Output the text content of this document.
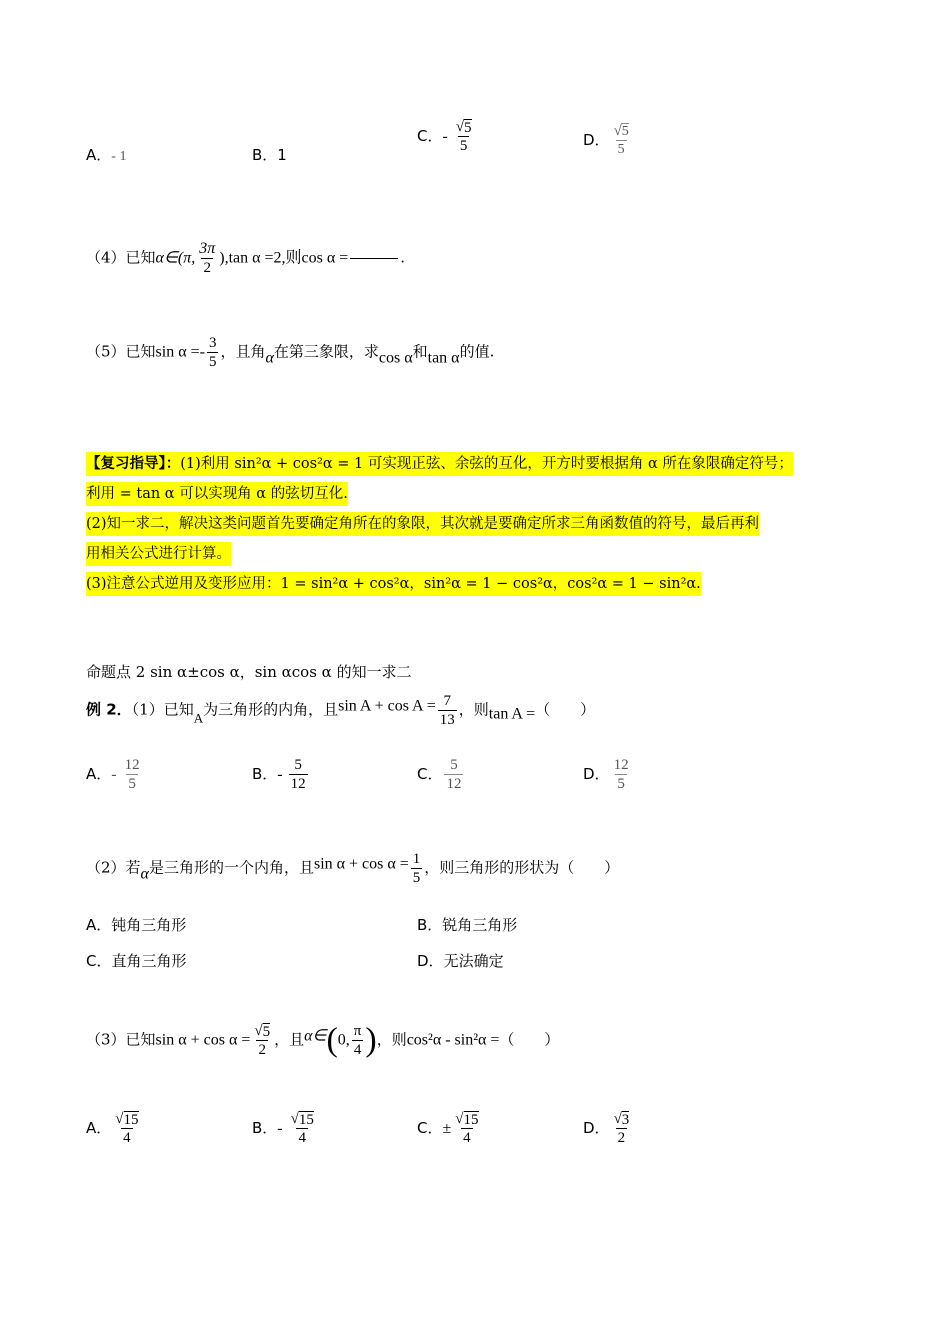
A．- 1	B．1
C．- $\frac{√ 5}{5}$	D． $\frac{√ 5}{5}$
（4）已知α∈(π, $\frac{3\pi}{2} ),\tan$ α =2,则cos α =	.
（5）已知$\sin \alpha =- \frac{3}{5}$ ，且角α在第三象限，求cos α和tan α的值.
【复习指导】：(1)利用 sin²α + cos²α = 1 可实现正弦、余弦的互化，开方时要根据角 α 所在象限确定符号；
利用 = tan α 可以实现角 α 的弦切互化.
(2)知一求二，解决这类问题首先要确定角所在的象限，其次就是要确定所求三角函数值的符号，最后再利
用相关公式进行计算。
(3)注意公式逆用及变形应用：1 = sin²α + cos²α，sin²α = 1 − cos²α，cos²α = 1 − sin²α.
命题点 2 sin α±cos α，sin αcos α 的知一求二
例 2．（1）已知A为三角形的内角，且$\sin A + \cos A = \frac{7}{13}$ ，则tan A =（　　）
A．- $\frac{12}{5}$	B．- $\frac{5}{12}$	C． $\frac{5}{12}$	D． $\frac{12}{5}$
（2）若α是三角形的一个内角，且$\sin \alpha + \cos \alpha = \frac{1}{5}$ ，则三角形的形状为（　　）
A．钝角三角形	B．锐角三角形
C．直角三角形	D．无法确定
（3）已知$\sin \alpha + \cos \alpha = \frac{√ 5}{2}$ ，且α∈(0, $\frac{\pi}{4}$ )，则cos²α - sin²α =（　　）
A． $\frac{√ 15}{4}$	B．- $\frac{√ 15}{4}$	C．± $\frac{√ 15}{4}$	D． $\frac{√ 3}{2}$
